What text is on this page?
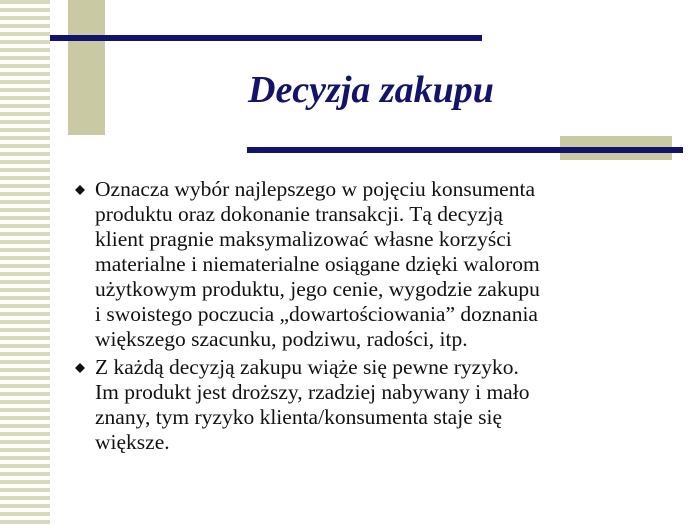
Decyzja zakupu
Oznacza wybór najlepszego w pojęciu konsumenta
produktu oraz dokonanie transakcji. Tą decyzją
klient pragnie maksymalizować własne korzyści
materialne i niematerialne osiągane dzięki walorom
użytkowym produktu, jego cenie, wygodzie zakupu
i swoistego poczucia „dowartościowania” doznania
większego szacunku, podziwu, radości, itp.
Z każdą decyzją zakupu wiąże się pewne ryzyko.
Im produkt jest droższy, rzadziej nabywany i mało
znany, tym ryzyko klienta/konsumenta staje się
większe.
